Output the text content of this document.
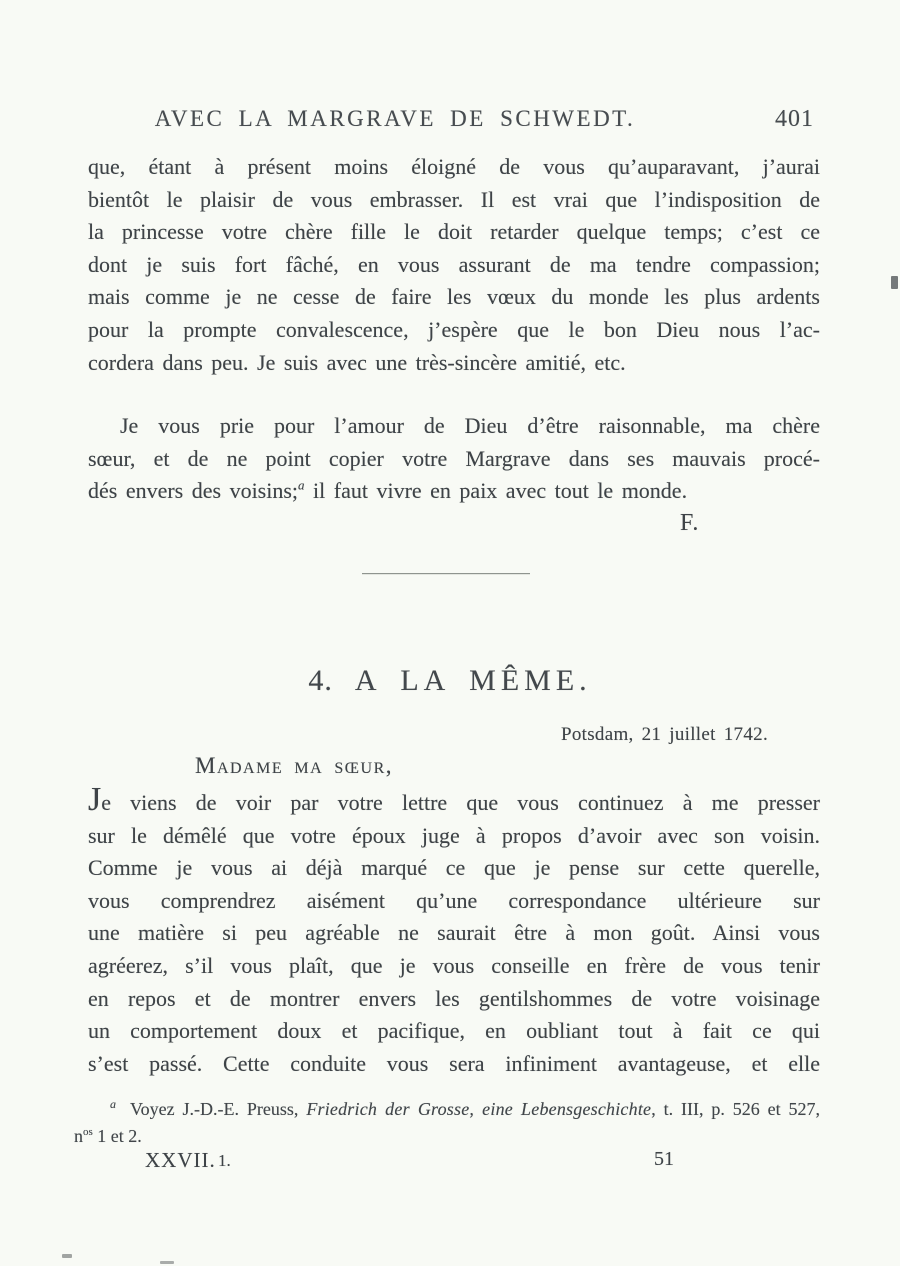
AVEC LA MARGRAVE DE SCHWEDT.	401
que, étant à présent moins éloigné de vous qu’auparavant, j’aurai
bientôt le plaisir de vous embrasser. Il est vrai que l’indisposition de
la princesse votre chère fille le doit retarder quelque temps; c’est ce
dont je suis fort fâché, en vous assurant de ma tendre compassion;
mais comme je ne cesse de faire les vœux du monde les plus ardents
pour la prompte convalescence, j’espère que le bon Dieu nous l’ac-
cordera dans peu. Je suis avec une très-sincère amitié, etc.
Je vous prie pour l’amour de Dieu d’être raisonnable, ma chère
sœur, et de ne point copier votre Margrave dans ses mauvais procé-
dés envers des voisins;$^a$ il faut vivre en paix avec tout le monde.
F.
4. A LA MÊME.
Potsdam, 21 juillet 1742.
Madame ma sœur,
Je viens de voir par votre lettre que vous continuez à me presser
sur le démêlé que votre époux juge à propos d’avoir avec son voisin.
Comme je vous ai déjà marqué ce que je pense sur cette querelle,
vous comprendrez aisément qu’une correspondance ultérieure sur
une matière si peu agréable ne saurait être à mon goût. Ainsi vous
agréerez, s’il vous plaît, que je vous conseille en frère de vous tenir
en repos et de montrer envers les gentilshommes de votre voisinage
un comportement doux et pacifique, en oubliant tout à fait ce qui
s’est passé. Cette conduite vous sera infiniment avantageuse, et elle
$^a$ Voyez J.-D.-E. Preuss, Friedrich der Grosse, eine Lebensgeschichte, t. III, p. 526 et 527,
$n^{os}$ 1 et 2.
XXVII. 1.	51
